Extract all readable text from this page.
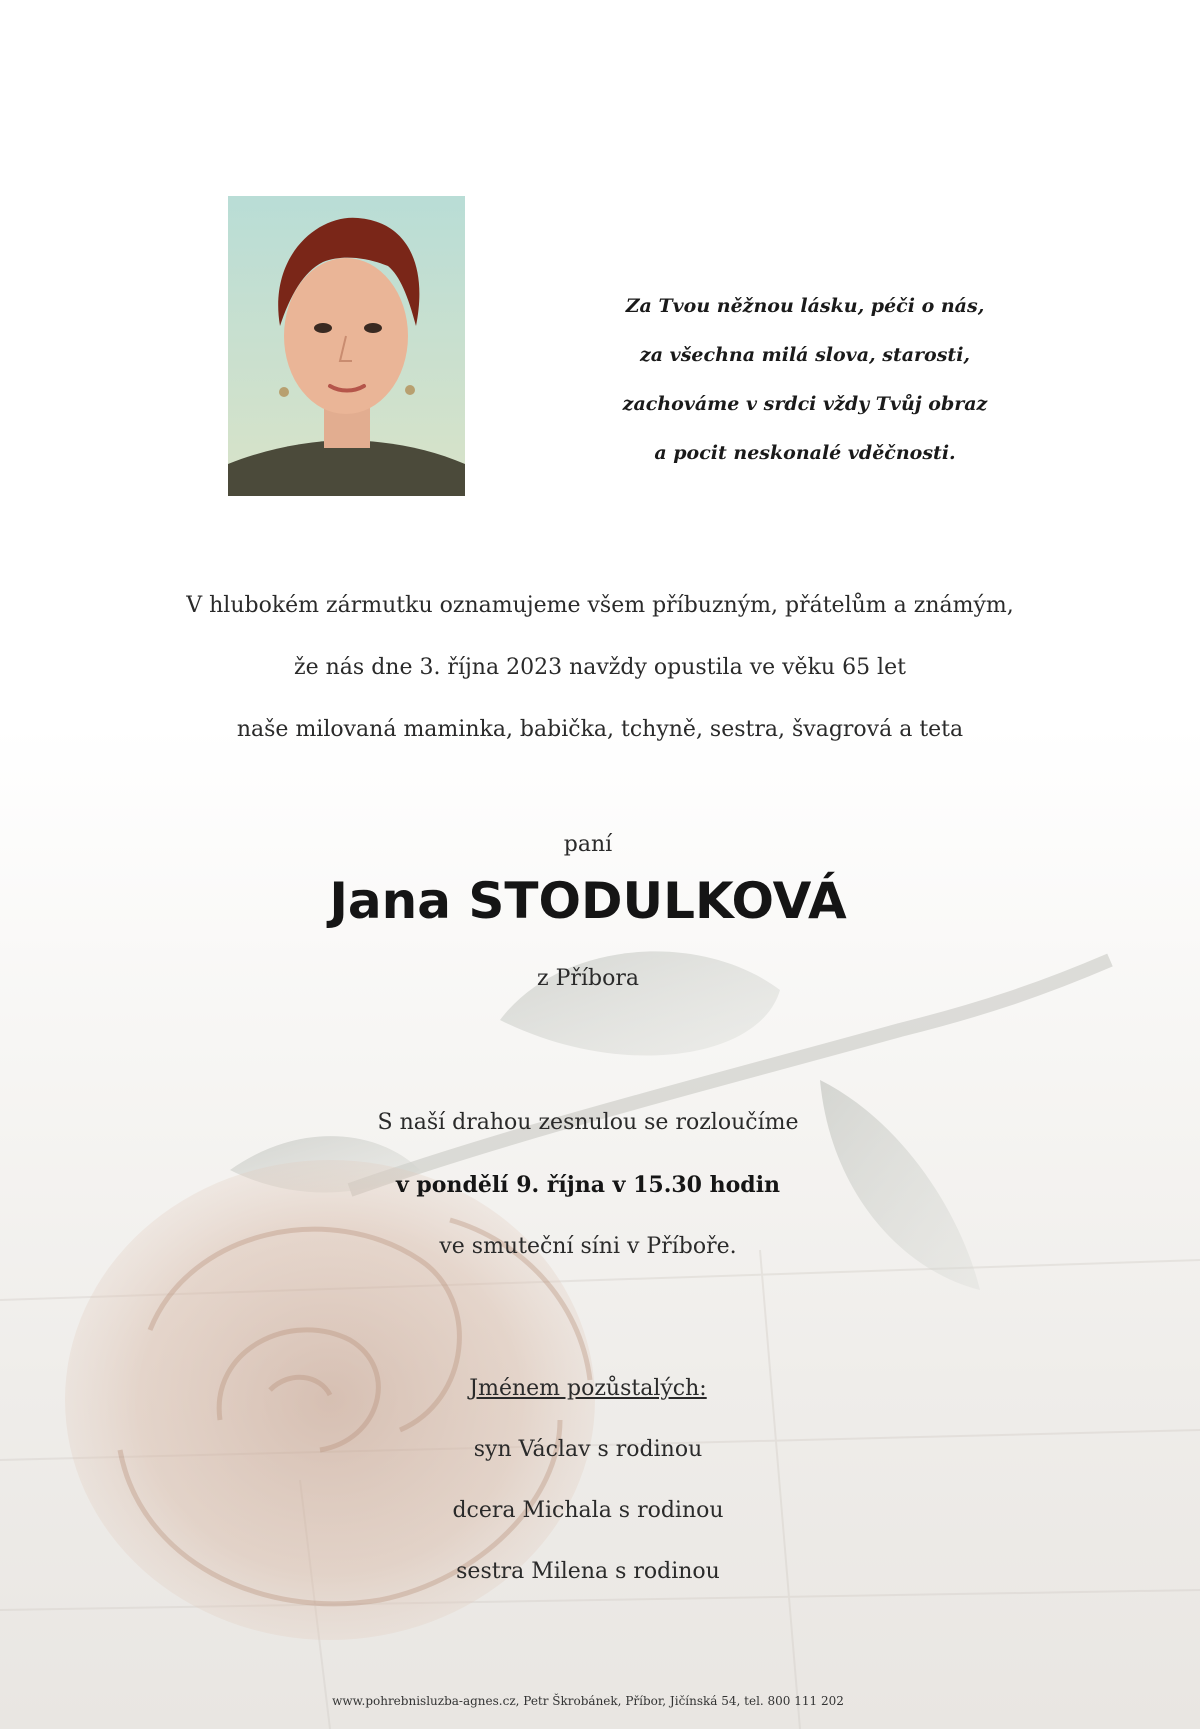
Za Tvou něžnou lásku, péči o nás,
za všechna milá slova, starosti,
zachováme v srdci vždy Tvůj obraz
a pocit neskonalé vděčnosti.
V hlubokém zármutku oznamujeme všem příbuzným, přátelům a známým,
že nás dne 3. října 2023 navždy opustila ve věku 65 let
naše milovaná maminka, babička, tchyně, sestra, švagrová a teta
paní
Jana STODULKOVÁ
z Příbora
S naší drahou zesnulou se rozloučíme
v pondělí 9. října v 15.30 hodin
ve smuteční síni v Příboře.
Jménem pozůstalých:
syn Václav s rodinou
dcera Michala s rodinou
sestra Milena s rodinou
www.pohrebnisluzba-agnes.cz, Petr Škrobánek, Příbor, Jičínská 54, tel. 800 111 202
